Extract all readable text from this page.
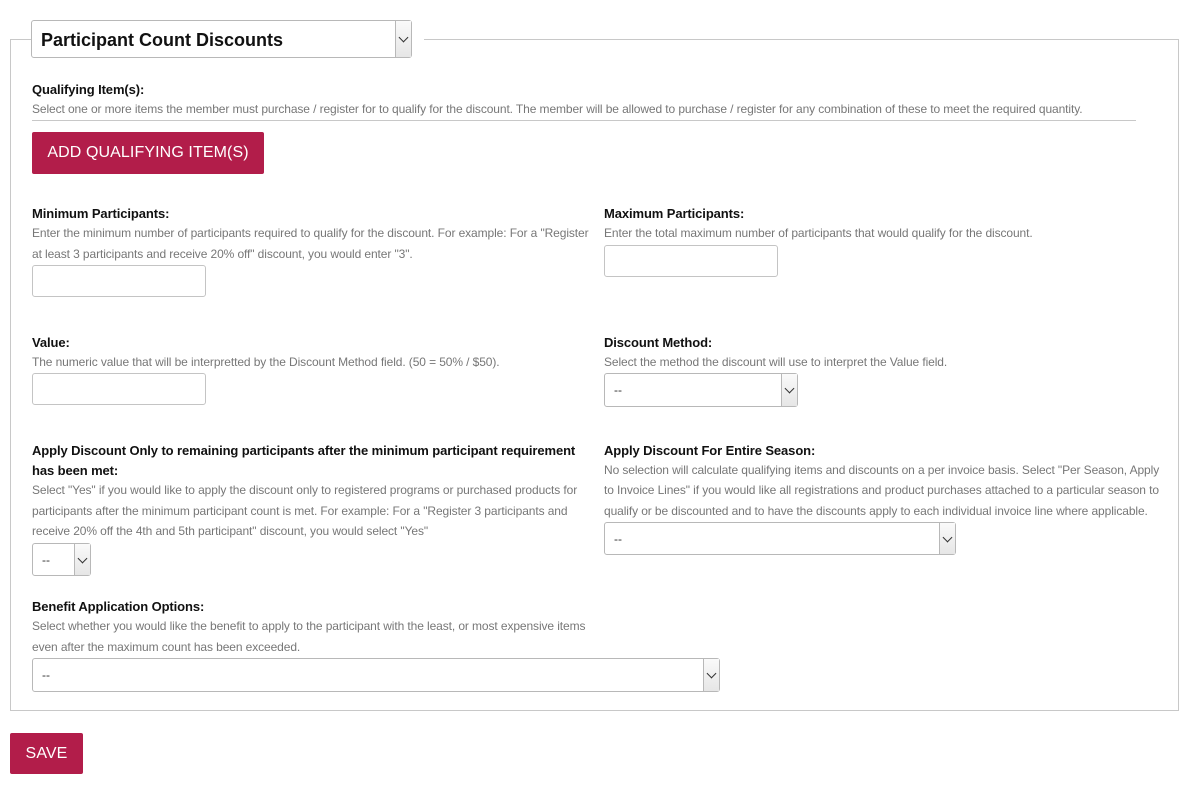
Participant Count Discounts
Qualifying Item(s):
Select one or more items the member must purchase / register for to qualify for the discount. The member will be allowed to purchase / register for any combination of these to meet the required quantity.
ADD QUALIFYING ITEM(S)
Minimum Participants:
Enter the minimum number of participants required to qualify for the discount. For example: For a "Register
at least 3 participants and receive 20% off" discount, you would enter "3".
Maximum Participants:
Enter the total maximum number of participants that would qualify for the discount.
Value:
The numeric value that will be interpretted by the Discount Method field. (50 = 50% / $50).
Discount Method:
Select the method the discount will use to interpret the Value field.
--
Apply Discount Only to remaining participants after the minimum participant requirement
has been met:
Select "Yes" if you would like to apply the discount only to registered programs or purchased products for
participants after the minimum participant count is met. For example: For a "Register 3 participants and
receive 20% off the 4th and 5th participant" discount, you would select "Yes"
--
Apply Discount For Entire Season:
No selection will calculate qualifying items and discounts on a per invoice basis. Select "Per Season, Apply
to Invoice Lines" if you would like all registrations and product purchases attached to a particular season to
qualify or be discounted and to have the discounts apply to each individual invoice line where applicable.
--
Benefit Application Options:
Select whether you would like the benefit to apply to the participant with the least, or most expensive items
even after the maximum count has been exceeded.
--
SAVE
